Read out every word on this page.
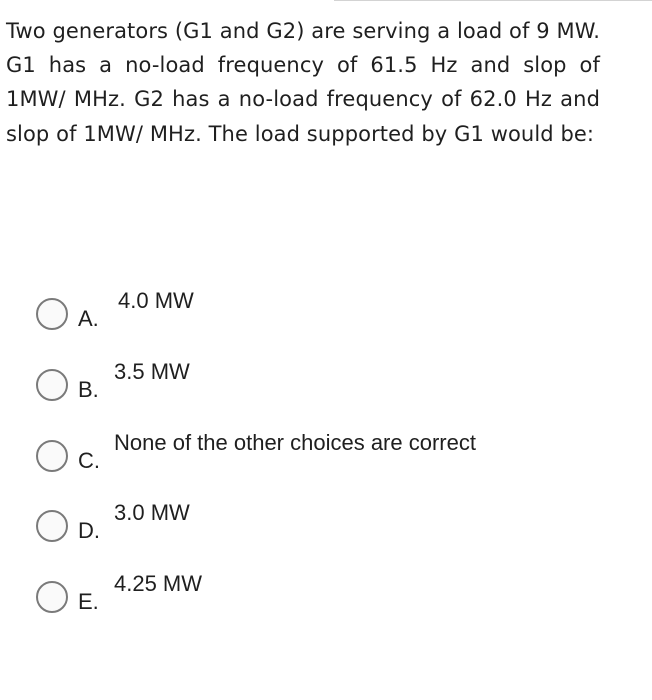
Two generators (G1 and G2) are serving a load of 9 MW. G1 has a no-load frequency of 61.5 Hz and slop of 1MW/ MHz. G2 has a no-load frequency of 62.0 Hz and slop of 1MW/ MHz. The load supported by G1 would be:

A.
4.0 MW
B.
3.5 MW
C.
None of the other choices are correct
D.
3.0 MW
E.
4.25 MW
